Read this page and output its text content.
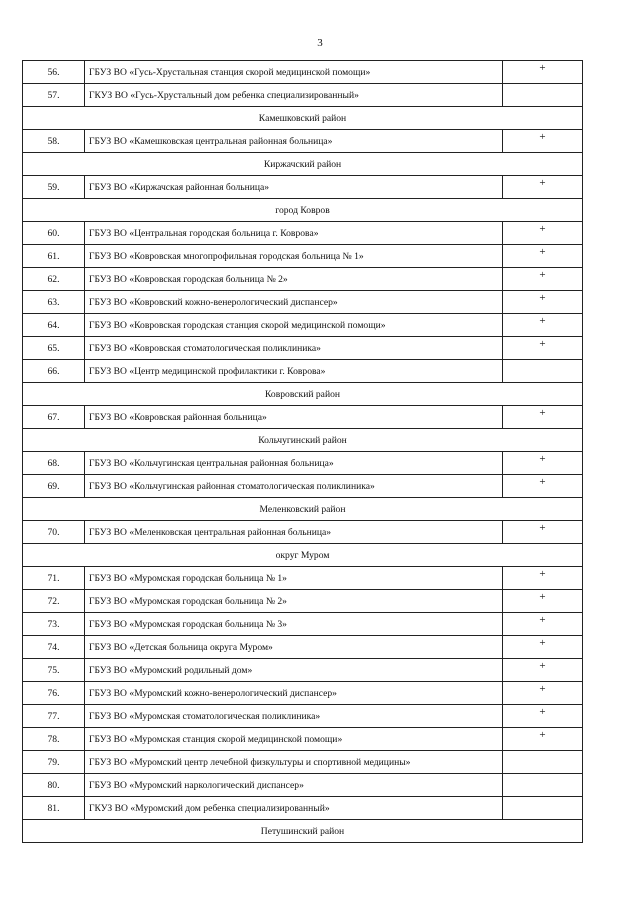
3
56.	ГБУЗ ВО «Гусь-Хрустальная станция скорой медицинской помощи»	+
57.	ГКУЗ ВО «Гусь-Хрустальный дом ребенка специализированный»
Камешковский район
58.	ГБУЗ ВО «Камешковская центральная районная больница»	+
Киржачский район
59.	ГБУЗ ВО «Киржачская районная больница»	+
город Ковров
60.	ГБУЗ ВО «Центральная городская больница г. Коврова»	+
61.	ГБУЗ ВО «Ковровская многопрофильная городская больница № 1»	+
62.	ГБУЗ ВО «Ковровская городская больница № 2»	+
63.	ГБУЗ ВО «Ковровский кожно-венерологический диспансер»	+
64.	ГБУЗ ВО «Ковровская городская станция скорой медицинской помощи»	+
65.	ГБУЗ ВО «Ковровская стоматологическая поликлиника»	+
66.	ГБУЗ ВО «Центр медицинской профилактики г. Коврова»
Ковровский район
67.	ГБУЗ ВО «Ковровская районная больница»	+
Кольчугинский район
68.	ГБУЗ ВО «Кольчугинская центральная районная больница»	+
69.	ГБУЗ ВО «Кольчугинская районная стоматологическая поликлиника»	+
Меленковский район
70.	ГБУЗ ВО «Меленковская центральная районная больница»	+
округ Муром
71.	ГБУЗ ВО «Муромская городская больница № 1»	+
72.	ГБУЗ ВО «Муромская городская больница № 2»	+
73.	ГБУЗ ВО «Муромская городская больница № 3»	+
74.	ГБУЗ ВО «Детская больница округа Муром»	+
75.	ГБУЗ ВО «Муромский родильный дом»	+
76.	ГБУЗ ВО «Муромский кожно-венерологический диспансер»	+
77.	ГБУЗ ВО «Муромская стоматологическая поликлиника»	+
78.	ГБУЗ ВО «Муромская станция скорой медицинской помощи»	+
79.	ГБУЗ ВО «Муромский центр лечебной физкультуры и спортивной медицины»
80.	ГБУЗ ВО «Муромский наркологический диспансер»
81.	ГКУЗ ВО «Муромский дом ребенка специализированный»
Петушинский район
